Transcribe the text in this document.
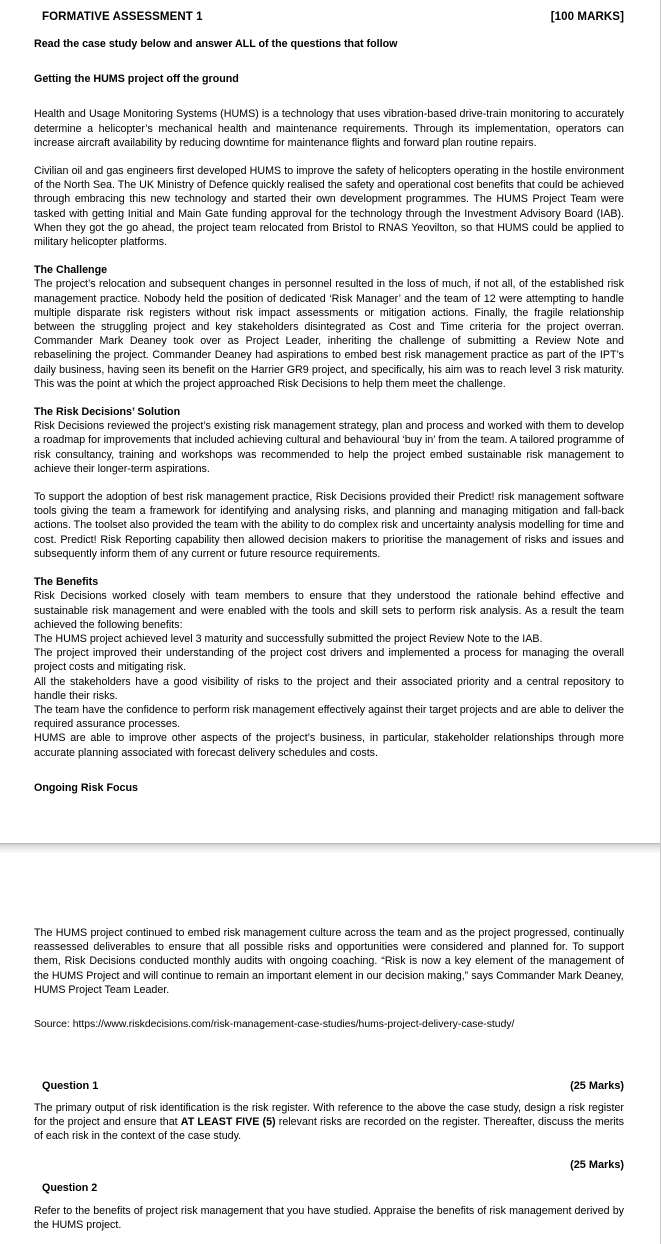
FORMATIVE ASSESSMENT 1	[100 MARKS]

Read the case study below and answer ALL of the questions that follow

Getting the HUMS project off the ground

Health and Usage Monitoring Systems (HUMS) is a technology that uses vibration-based drive-train monitoring to accurately determine a helicopter’s mechanical health and maintenance requirements. Through its implementation, operators can increase aircraft availability by reducing downtime for maintenance flights and forward plan routine repairs.

Civilian oil and gas engineers first developed HUMS to improve the safety of helicopters operating in the hostile environment of the North Sea. The UK Ministry of Defence quickly realised the safety and operational cost benefits that could be achieved through embracing this new technology and started their own development programmes. The HUMS Project Team were tasked with getting Initial and Main Gate funding approval for the technology through the Investment Advisory Board (IAB). When they got the go ahead, the project team relocated from Bristol to RNAS Yeovilton, so that HUMS could be applied to military helicopter platforms.

The Challenge

The project’s relocation and subsequent changes in personnel resulted in the loss of much, if not all, of the established risk management practice. Nobody held the position of dedicated ‘Risk Manager’ and the team of 12 were attempting to handle multiple disparate risk registers without risk impact assessments or mitigation actions. Finally, the fragile relationship between the struggling project and key stakeholders disintegrated as Cost and Time criteria for the project overran. Commander Mark Deaney took over as Project Leader, inheriting the challenge of submitting a Review Note and rebaselining the project. Commander Deaney had aspirations to embed best risk management practice as part of the IPT’s daily business, having seen its benefit on the Harrier GR9 project, and specifically, his aim was to reach level 3 risk maturity. This was the point at which the project approached Risk Decisions to help them meet the challenge.

The Risk Decisions’ Solution

Risk Decisions reviewed the project’s existing risk management strategy, plan and process and worked with them to develop a roadmap for improvements that included achieving cultural and behavioural ‘buy in’ from the team. A tailored programme of risk consultancy, training and workshops was recommended to help the project embed sustainable risk management to achieve their longer-term aspirations.

To support the adoption of best risk management practice, Risk Decisions provided their Predict! risk management software tools giving the team a framework for identifying and analysing risks, and planning and managing mitigation and fall-back actions. The toolset also provided the team with the ability to do complex risk and uncertainty analysis modelling for time and cost. Predict! Risk Reporting capability then allowed decision makers to prioritise the management of risks and issues and subsequently inform them of any current or future resource requirements.

The Benefits

Risk Decisions worked closely with team members to ensure that they understood the rationale behind effective and sustainable risk management and were enabled with the tools and skill sets to perform risk analysis. As a result the team achieved the following benefits:

The HUMS project achieved level 3 maturity and successfully submitted the project Review Note to the IAB.

The project improved their understanding of the project cost drivers and implemented a process for managing the overall project costs and mitigating risk.

All the stakeholders have a good visibility of risks to the project and their associated priority and a central repository to handle their risks.

The team have the confidence to perform risk management effectively against their target projects and are able to deliver the required assurance processes.

HUMS are able to improve other aspects of the project’s business, in particular, stakeholder relationships through more accurate planning associated with forecast delivery schedules and costs.

Ongoing Risk Focus

The HUMS project continued to embed risk management culture across the team and as the project progressed, continually reassessed deliverables to ensure that all possible risks and opportunities were considered and planned for. To support them, Risk Decisions conducted monthly audits with ongoing coaching. “Risk is now a key element of the management of the HUMS Project and will continue to remain an important element in our decision making,” says Commander Mark Deaney,

HUMS Project Team Leader.

Source: https://www.riskdecisions.com/risk-management-case-studies/hums-project-delivery-case-study/

Question 1	(25 Marks)

The primary output of risk identification is the risk register. With reference to the above the case study, design a risk register for the project and ensure that AT LEAST FIVE (5) relevant risks are recorded on the register. Thereafter, discuss the merits of each risk in the context of the case study.

(25 Marks)

Question 2

Refer to the benefits of project risk management that you have studied. Appraise the benefits of risk management derived by the HUMS project.
